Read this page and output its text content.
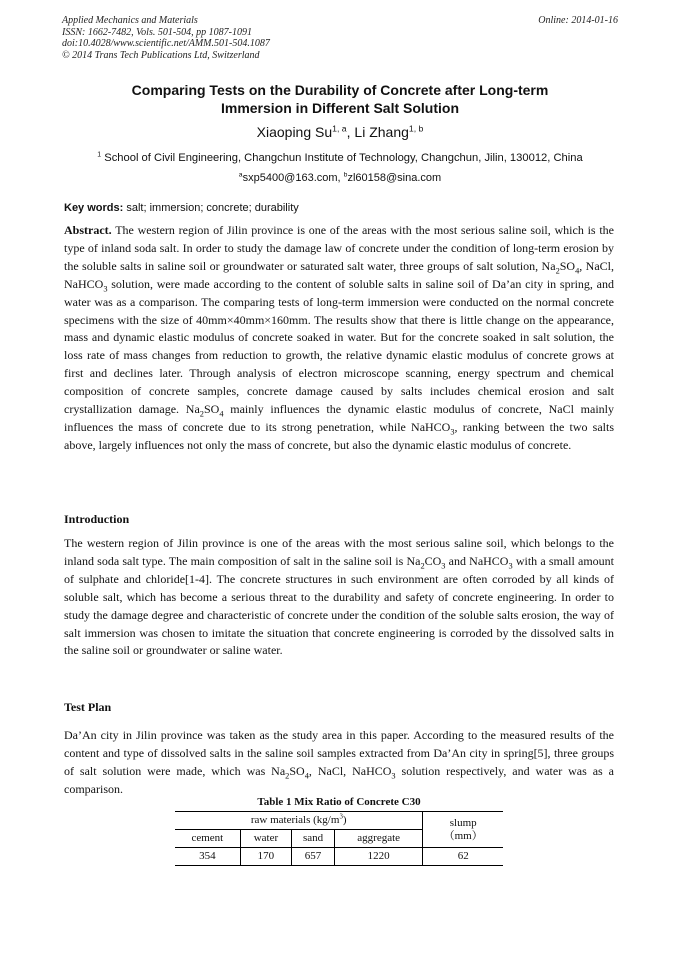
Applied Mechanics and Materials
ISSN: 1662-7482, Vols. 501-504, pp 1087-1091
doi:10.4028/www.scientific.net/AMM.501-504.1087
© 2014 Trans Tech Publications Ltd, Switzerland
Online: 2014-01-16
Comparing Tests on the Durability of Concrete after Long-term
Immersion in Different Salt Solution
Xiaoping Su$^{1, a}$, Li Zhang$^{1, b}$
$^1$ School of Civil Engineering, Changchun Institute of Technology, Changchun, Jilin, 130012, China
$^a$sxp5400@163.com, $^b$zl60158@sina.com
Key words: salt; immersion; concrete; durability

Abstract. The western region of Jilin province is one of the areas with the most serious saline soil, which is the type of inland soda salt. In order to study the damage law of concrete under the condition of long-term erosion by the soluble salts in saline soil or groundwater or saturated salt water, three groups of salt solution, $Na_2SO_4$, NaCl, NaHCO$_3$ solution, were made according to the content of soluble salts in saline soil of Da’an city in spring, and water was as a comparison. The comparing tests of long-term immersion were conducted on the normal concrete specimens with the size of 40mm×40mm×160mm. The results show that there is little change on the appearance, mass and dynamic elastic modulus of concrete soaked in water. But for the concrete soaked in salt solution, the loss rate of mass changes from reduction to growth, the relative dynamic elastic modulus of concrete grows at first and declines later. Through analysis of electron microscope scanning, energy spectrum and chemical composition of concrete samples, concrete damage caused by salts includes chemical erosion and salt crystallization damage. $Na_2SO_4$ mainly influences the dynamic elastic modulus of concrete, NaCl mainly influences the mass of concrete due to its strong penetration, while NaHCO$_3$, ranking between the two salts above, largely influences not only the mass of concrete, but also the dynamic elastic modulus of concrete.

Introduction

The western region of Jilin province is one of the areas with the most serious saline soil, which belongs to the inland soda salt type. The main composition of salt in the saline soil is $Na_2CO_3$ and NaHCO$_3$ with a small amount of sulphate and chloride[1-4]. The concrete structures in such environment are often corroded by all kinds of soluble salt, which has become a serious threat to the durability and safety of concrete engineering. In order to study the damage degree and characteristic of concrete under the condition of the soluble salts erosion, the way of salt immersion was chosen to imitate the situation that concrete engineering is corroded by the dissolved salts in the saline soil or groundwater or saline water.

Test Plan

Da’An city in Jilin province was taken as the study area in this paper. According to the measured results of the content and type of dissolved salts in the saline soil samples extracted from Da’An city in spring[5], three groups of salt solution were made, which was $Na_2SO_4$, NaCl, NaHCO$_3$ solution respectively, and water was as a comparison.

Table 1 Mix Ratio of Concrete C30
raw materials $(kg/m^3)$				slump
（mm）

cement	water	sand	aggregate	
354	170	657	1220	62
